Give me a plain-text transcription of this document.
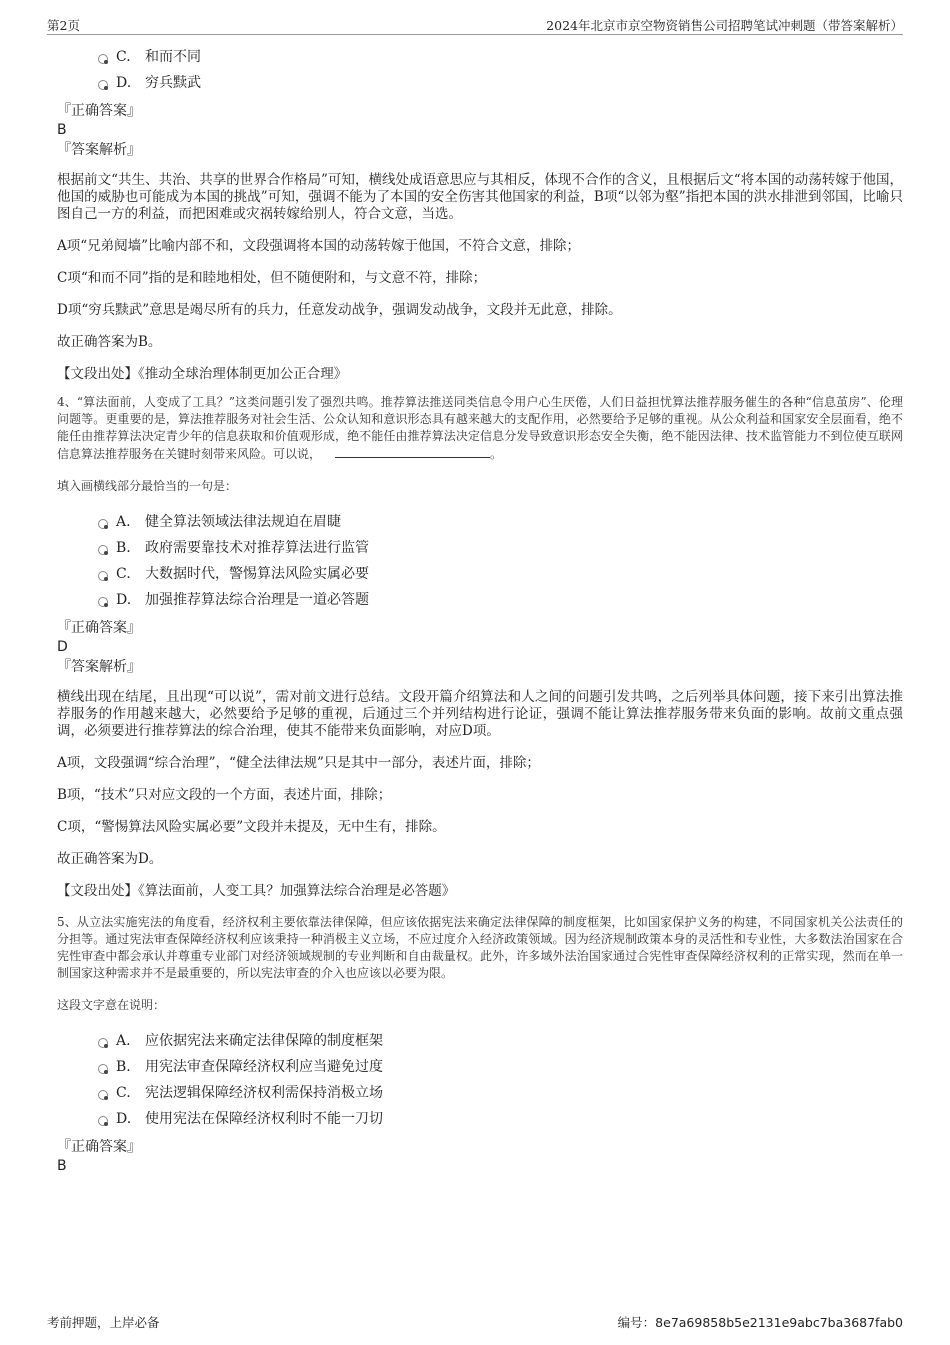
第2页	2024年北京市京空物资销售公司招聘笔试冲刺题（带答案解析）
C. 和而不同
D. 穷兵黩武
『正确答案』
B
『答案解析』

根据前文“共生、共治、共享的世界合作格局”可知，横线处成语意思应与其相反，体现不合作的含义，且根据后文“将本国的动荡转嫁于他国，他国的威胁也可能成为本国的挑战”可知，强调不能为了本国的安全伤害其他国家的利益，B项“以邻为壑”指把本国的洪水排泄到邻国，比喻只图自己一方的利益，而把困难或灾祸转嫁给别人，符合文意，当选。

A项“兄弟阋墙”比喻内部不和，文段强调将本国的动荡转嫁于他国，不符合文意，排除；

C项“和而不同”指的是和睦地相处，但不随便附和，与文意不符，排除；

D项“穷兵黩武”意思是竭尽所有的兵力，任意发动战争，强调发动战争，文段并无此意，排除。

故正确答案为B。

【文段出处】《推动全球治理体制更加公正合理》

4、“算法面前，人变成了工具？”这类问题引发了强烈共鸣。推荐算法推送同类信息令用户心生厌倦，人们日益担忧算法推荐服务催生的各种“信息茧房”、伦理问题等。更重要的是，算法推荐服务对社会生活、公众认知和意识形态具有越来越大的支配作用，必然要给予足够的重视。从公众利益和国家安全层面看，绝不能任由推荐算法决定青少年的信息获取和价值观形成，绝不能任由推荐算法决定信息分发导致意识形态安全失衡，绝不能因法律、技术监管能力不到位使互联网信息算法推荐服务在关键时刻带来风险。可以说，	。

填入画横线部分最恰当的一句是：
A. 健全算法领域法律法规迫在眉睫
B. 政府需要靠技术对推荐算法进行监管
C. 大数据时代，警惕算法风险实属必要
D. 加强推荐算法综合治理是一道必答题
『正确答案』
D
『答案解析』

横线出现在结尾，且出现“可以说”，需对前文进行总结。文段开篇介绍算法和人之间的问题引发共鸣，之后列举具体问题，接下来引出算法推荐服务的作用越来越大，必然要给予足够的重视，后通过三个并列结构进行论证，强调不能让算法推荐服务带来负面的影响。故前文重点强调，必须要进行推荐算法的综合治理，使其不能带来负面影响，对应D项。

A项，文段强调“综合治理”，“健全法律法规”只是其中一部分，表述片面，排除；

B项，“技术”只对应文段的一个方面，表述片面，排除；

C项，“警惕算法风险实属必要”文段并未提及，无中生有，排除。

故正确答案为D。

【文段出处】《算法面前，人变工具？加强算法综合治理是必答题》

5、从立法实施宪法的角度看，经济权利主要依靠法律保障，但应该依据宪法来确定法律保障的制度框架，比如国家保护义务的构建，不同国家机关公法责任的分担等。通过宪法审查保障经济权利应该秉持一种消极主义立场，不应过度介入经济政策领域。因为经济规制政策本身的灵活性和专业性，大多数法治国家在合宪性审查中都会承认并尊重专业部门对经济领域规制的专业判断和自由裁量权。此外，许多域外法治国家通过合宪性审查保障经济权利的正常实现，然而在单一制国家这种需求并不是最重要的，所以宪法审查的介入也应该以必要为限。

这段文字意在说明：
A. 应依据宪法来确定法律保障的制度框架
B. 用宪法审查保障经济权利应当避免过度
C. 宪法逻辑保障经济权利需保持消极立场
D. 使用宪法在保障经济权利时不能一刀切
『正确答案』
B
考前押题，上岸必备	编号：8e7a69858b5e2131e9abc7ba3687fab0
